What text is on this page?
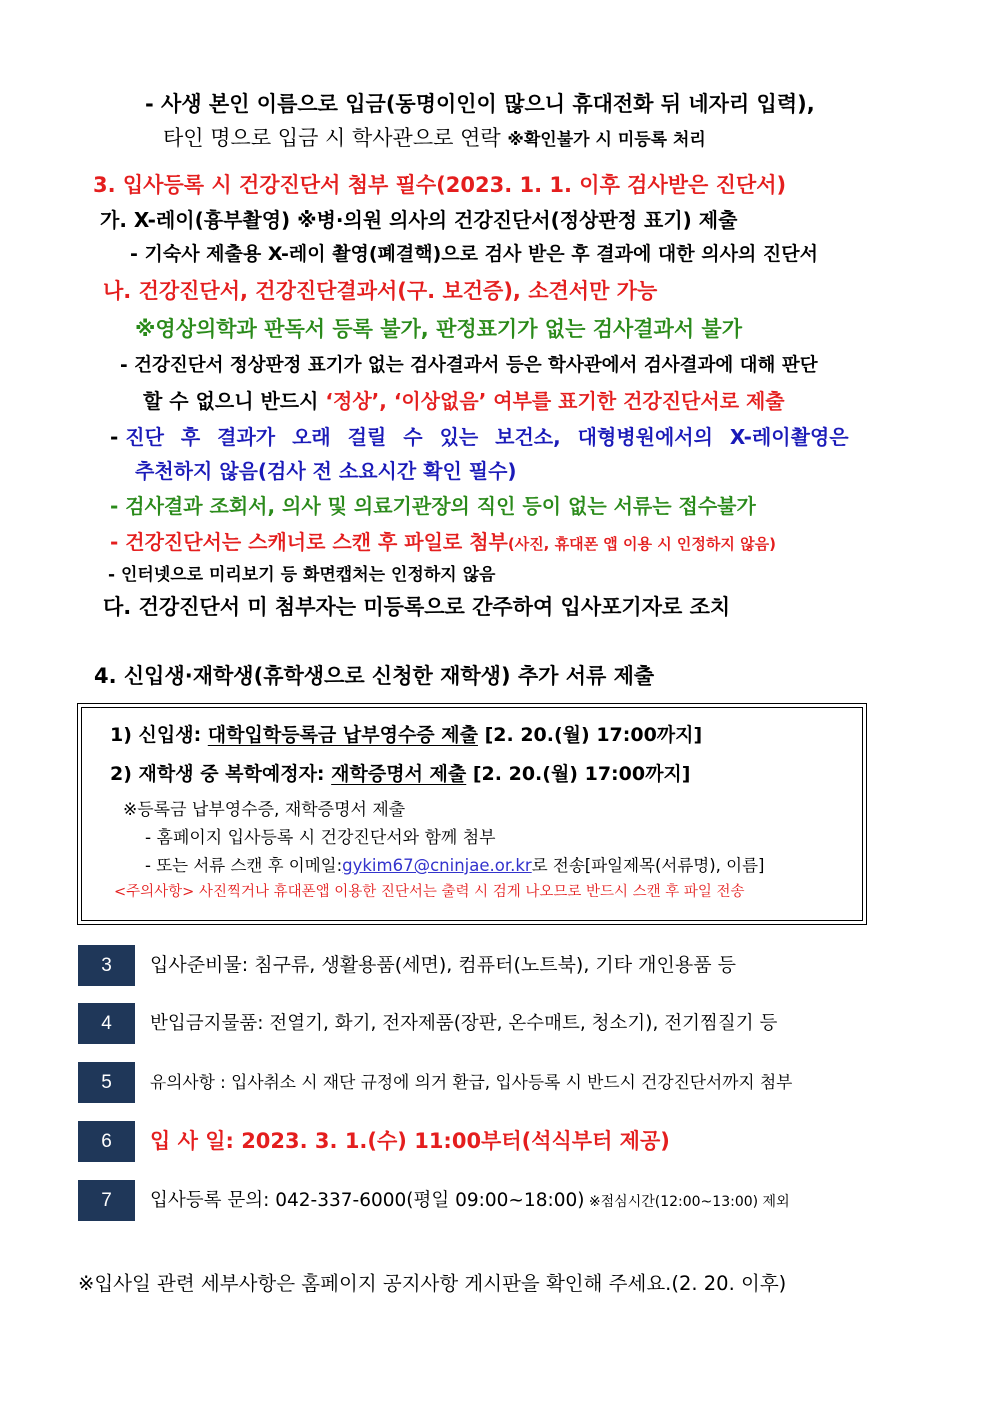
- 사생 본인 이름으로 입금(동명이인이 많으니 휴대전화 뒤 네자리 입력),
타인 명으로 입금 시 학사관으로 연락 ※확인불가 시 미등록 처리
3. 입사등록 시 건강진단서 첨부 필수(2023. 1. 1. 이후 검사받은 진단서)
가. X-레이(흉부촬영) ※병·의원 의사의 건강진단서(정상판정 표기) 제출
- 기숙사 제출용 X-레이 촬영(폐결핵)으로 검사 받은 후 결과에 대한 의사의 진단서
나. 건강진단서, 건강진단결과서(구. 보건증), 소견서만 가능
※영상의학과 판독서 등록 불가, 판정표기가 없는 검사결과서 불가
- 건강진단서 정상판정 표기가 없는 검사결과서 등은 학사관에서 검사결과에 대해 판단
할 수 없으니 반드시 ‘정상’, ‘이상없음’ 여부를 표기한 건강진단서로 제출
- 진단 후 결과가 오래 걸릴 수 있는 보건소, 대형병원에서의 X-레이촬영은
추천하지 않음(검사 전 소요시간 확인 필수)
- 검사결과 조회서, 의사 및 의료기관장의 직인 등이 없는 서류는 접수불가
- 건강진단서는 스캐너로 스캔 후 파일로 첨부(사진, 휴대폰 앱 이용 시 인정하지 않음)
- 인터넷으로 미리보기 등 화면캡처는 인정하지 않음
다. 건강진단서 미 첨부자는 미등록으로 간주하여 입사포기자로 조치
4. 신입생·재학생(휴학생으로 신청한 재학생) 추가 서류 제출
1) 신입생: 대학입학등록금 납부영수증 제출 [2. 20.(월) 17:00까지]
2) 재학생 중 복학예정자: 재학증명서 제출 [2. 20.(월) 17:00까지]
※등록금 납부영수증, 재학증명서 제출
- 홈페이지 입사등록 시 건강진단서와 함께 첨부
- 또는 서류 스캔 후 이메일:gykim67@cninjae.or.kr로 전송[파일제목(서류명), 이름]
<주의사항> 사진찍거나 휴대폰앱 이용한 진단서는 출력 시 검게 나오므로 반드시 스캔 후 파일 전송
3	입사준비물: 침구류, 생활용품(세면), 컴퓨터(노트북), 기타 개인용품 등
4	반입금지물품: 전열기, 화기, 전자제품(장판, 온수매트, 청소기), 전기찜질기 등
5	유의사항 : 입사취소 시 재단 규정에 의거 환급, 입사등록 시 반드시 건강진단서까지 첨부
6	입 사 일: 2023. 3. 1.(수) 11:00부터(석식부터 제공)
7	입사등록 문의: 042-337-6000(평일 09:00~18:00) ※점심시간(12:00~13:00) 제외
※입사일 관련 세부사항은 홈페이지 공지사항 게시판을 확인해 주세요.(2. 20. 이후)
